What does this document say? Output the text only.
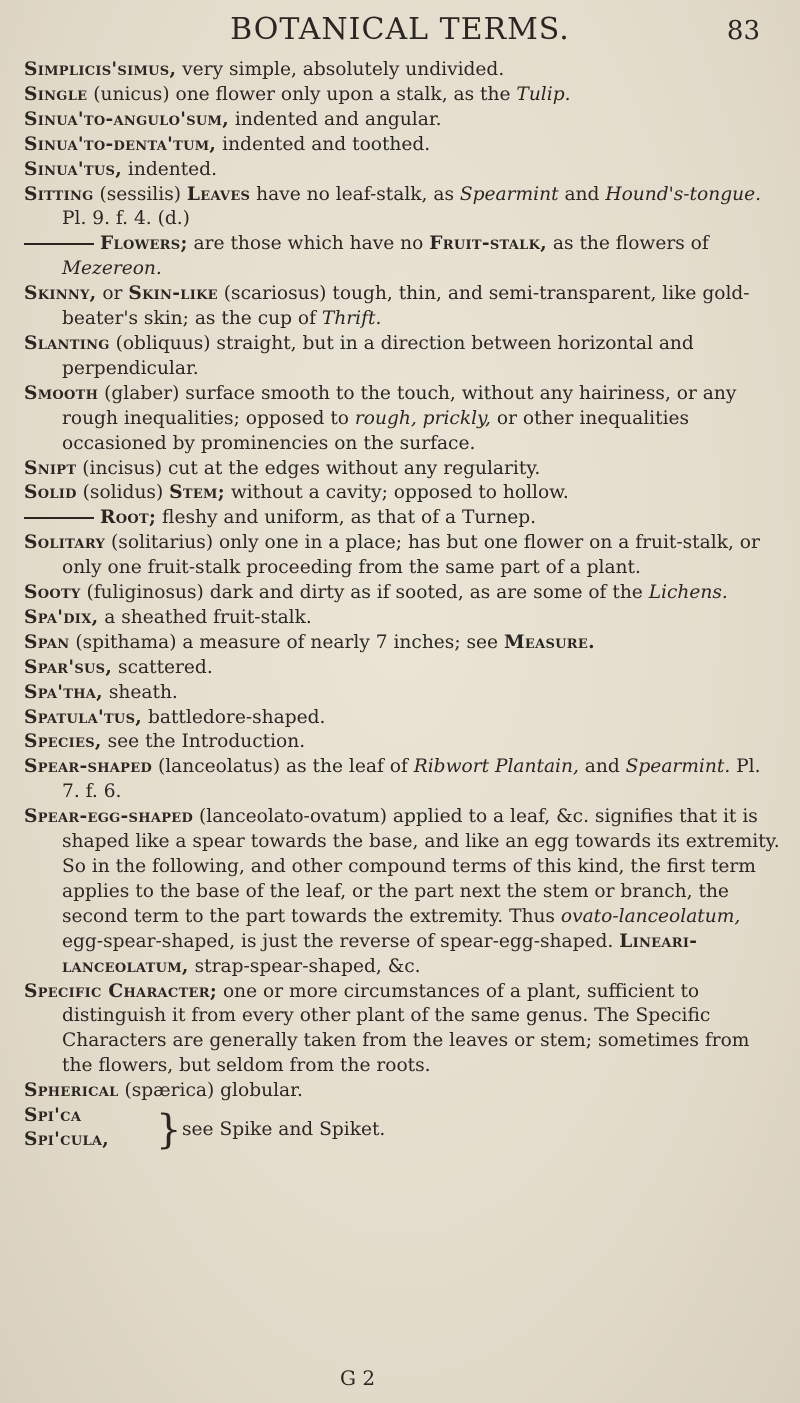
BOTANICAL TERMS.	83

Simplicis'simus, very simple, absolutely undivided.

Single (unicus) one flower only upon a stalk, as the Tulip.

Sinua'to-angulo'sum, indented and angular.

Sinua'to-denta'tum, indented and toothed.

Sinua'tus, indented.

Sitting (sessilis) Leaves have no leaf-stalk, as Spearmint and Hound's-tongue. Pl. 9. f. 4. (d.)

Flowers; are those which have no Fruit-stalk, as the flowers of Mezereon.

Skinny, or Skin-like (scariosus) tough, thin, and semi-transparent, like gold-beater's skin; as the cup of Thrift.

Slanting (obliquus) straight, but in a direction between horizontal and perpendicular.

Smooth (glaber) surface smooth to the touch, without any hairiness, or any rough inequalities; opposed to rough, prickly, or other inequalities occasioned by prominencies on the surface.

Snipt (incisus) cut at the edges without any regularity.

Solid (solidus) Stem; without a cavity; opposed to hollow.

Root; fleshy and uniform, as that of a Turnep.

Solitary (solitarius) only one in a place; has but one flower on a fruit-stalk, or only one fruit-stalk proceeding from the same part of a plant.

Sooty (fuliginosus) dark and dirty as if sooted, as are some of the Lichens.

Spa'dix, a sheathed fruit-stalk.

Span (spithama) a measure of nearly 7 inches; see Measure.

Spar'sus, scattered.

Spa'tha, sheath.

Spatula'tus, battledore-shaped.

Species, see the Introduction.

Spear-shaped (lanceolatus) as the leaf of Ribwort Plantain, and Spearmint. Pl. 7. f. 6.

Spear-egg-shaped (lanceolato-ovatum) applied to a leaf, &c. signifies that it is shaped like a spear towards the base, and like an egg towards its extremity. So in the following, and other compound terms of this kind, the first term applies to the base of the leaf, or the part next the stem or branch, the second term to the part towards the extremity. Thus ovato-lanceolatum, egg-spear-shaped, is just the reverse of spear-egg-shaped. Lineari-lanceolatum, strap-spear-shaped, &c.

Specific Character; one or more circumstances of a plant, sufficient to distinguish it from every other plant of the same genus. The Specific Characters are generally taken from the leaves or stem; sometimes from the flowers, but seldom from the roots.

Spherical (spærica) globular.

Spi'ca
Spi'cula, } see Spike and Spiket.
G 2
